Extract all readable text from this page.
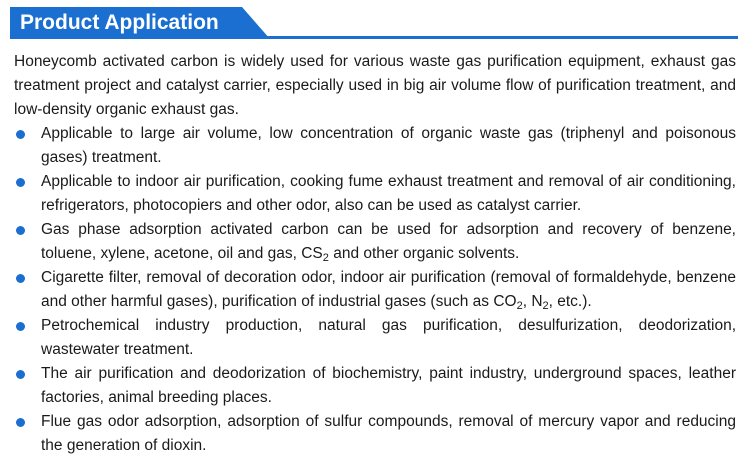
Product Application

Honeycomb activated carbon is widely used for various waste gas purification equipment, exhaust gas treatment project and catalyst carrier, especially used in big air volume flow of purification treatment, and low-density organic exhaust gas.

Applicable to large air volume, low concentration of organic waste gas (triphenyl and poisonous gases) treatment.
Applicable to indoor air purification, cooking fume exhaust treatment and removal of air conditioning, refrigerators, photocopiers and other odor, also can be used as catalyst carrier.
Gas phase adsorption activated carbon can be used for adsorption and recovery of benzene, toluene, xylene, acetone, oil and gas, $CS_2$ and other organic solvents.
Cigarette filter, removal of decoration odor, indoor air purification (removal of formaldehyde, benzene and other harmful gases), purification of industrial gases (such as $CO_2$, $N_2$, etc.).
Petrochemical industry production, natural gas purification, desulfurization, deodorization, wastewater treatment.
The air purification and deodorization of biochemistry, paint industry, underground spaces, leather factories, animal breeding places.
Flue gas odor adsorption, adsorption of sulfur compounds, removal of mercury vapor and reducing the generation of dioxin.
